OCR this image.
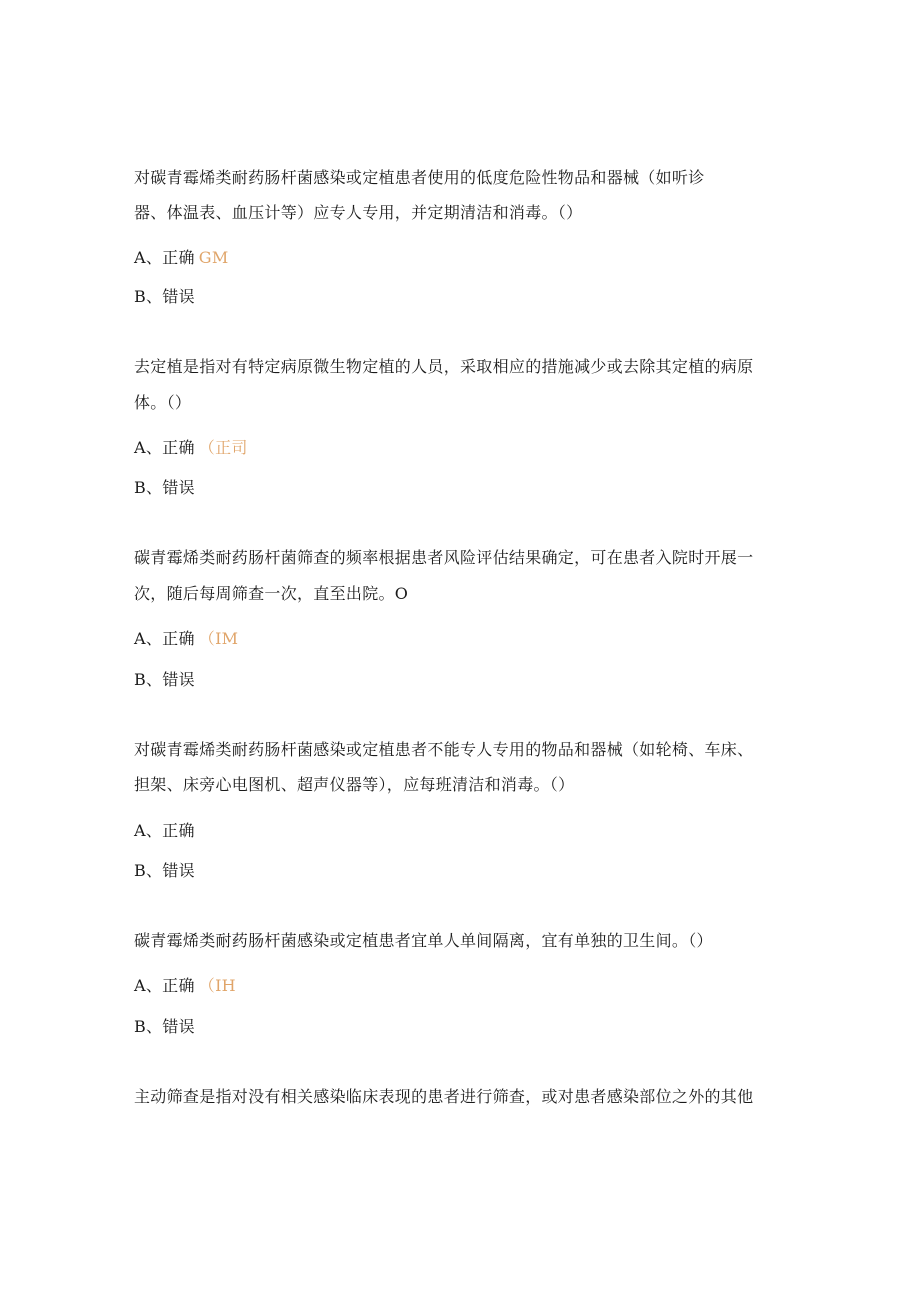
对碳青霉烯类耐药肠杆菌感染或定植患者使用的低度危险性物品和器械（如听诊
器、体温表、血压计等）应专人专用，并定期清洁和消毒。（）
A、正确 GM
B、错误
去定植是指对有特定病原微生物定植的人员，采取相应的措施减少或去除其定植的病原
体。（）
A、正确 （正司
B、错误
碳青霉烯类耐药肠杆菌筛查的频率根据患者风险评估结果确定，可在患者入院时开展一
次，随后每周筛查一次，直至出院。O
A、正确 （IM
B、错误
对碳青霉烯类耐药肠杆菌感染或定植患者不能专人专用的物品和器械（如轮椅、车床、
担架、床旁心电图机、超声仪器等），应每班清洁和消毒。（）
A、正确
B、错误
碳青霉烯类耐药肠杆菌感染或定植患者宜单人单间隔离，宜有单独的卫生间。（）
A、正确 （IH
B、错误
主动筛查是指对没有相关感染临床表现的患者进行筛查，或对患者感染部位之外的其他
